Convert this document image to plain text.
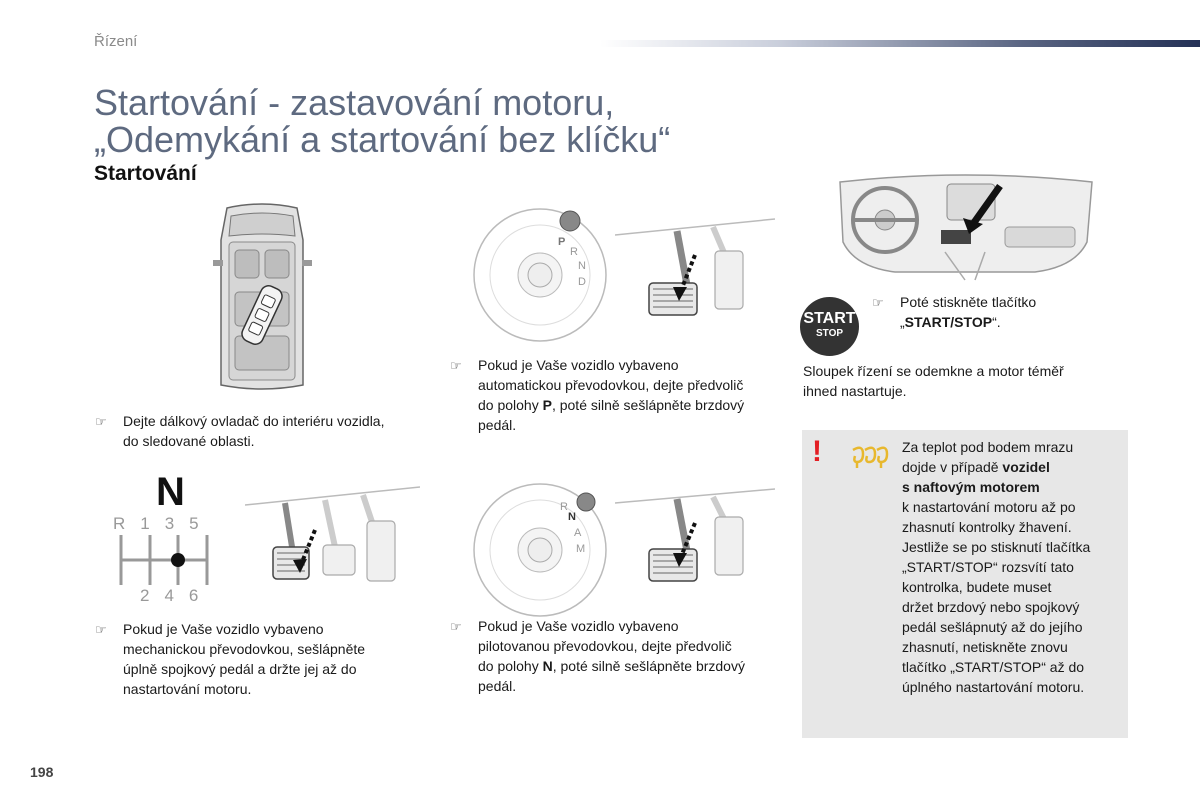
Řízení
Startování - zastavování motoru,
„Odemykání a startování bez klíčku“
Startování
☞ Dejte dálkový ovladač do interiéru vozidla,
do sledované oblasti.
N
R135
246
☞ Pokud je Vaše vozidlo vybaveno
mechanickou převodovkou, sešlápněte
úplně spojkový pedál a držte jej až do
nastartování motoru.
P
R
N
D
☞ Pokud je Vaše vozidlo vybaveno
automatickou převodovkou, dejte předvolič
do polohy P, poté silně sešlápněte brzdový
pedál.
R
N
A
M
☞ Pokud je Vaše vozidlo vybaveno
pilotovanou převodovkou, dejte předvolič
do polohy N, poté silně sešlápněte brzdový
pedál.
START
STOP
☞ Poté stiskněte tlačítko
„START/STOP“.
Sloupek řízení se odemkne a motor téměř
ihned nastartuje.
!	Za teplot pod bodem mrazu
dojde v případě vozidel
s naftovým motorem
k nastartování motoru až po
zhasnutí kontrolky žhavení.
Jestliže se po stisknutí tlačítka
„START/STOP“ rozsvítí tato
kontrolka, budete muset
držet brzdový nebo spojkový
pedál sešlápnutý až do jejího
zhasnutí, netiskněte znovu
tlačítko „START/STOP“ až do
úplného nastartování motoru.
198
